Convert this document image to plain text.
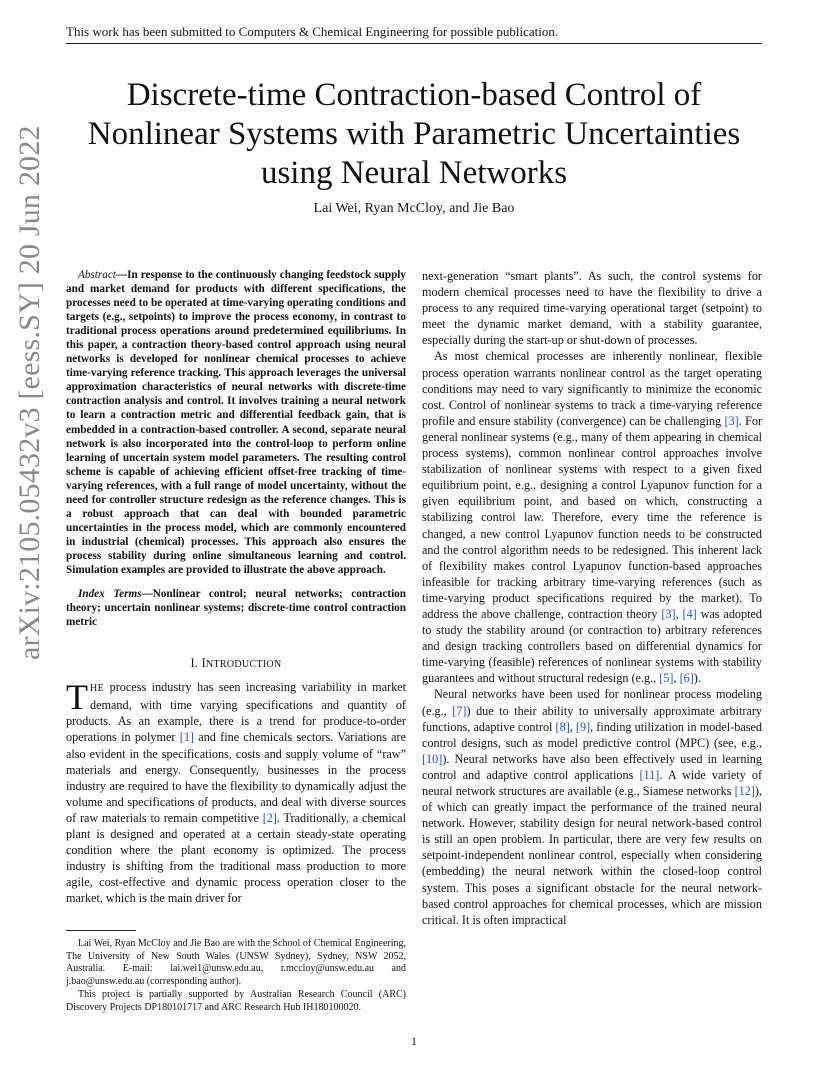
This work has been submitted to Computers & Chemical Engineering for possible publication.
arXiv:2105.05432v3 [eess.SY] 20 Jun 2022
Discrete-time Contraction-based Control of Nonlinear Systems with Parametric Uncertainties using Neural Networks
Lai Wei, Ryan McCloy, and Jie Bao

Abstract—In response to the continuously changing feedstock supply and market demand for products with different specifications, the processes need to be operated at time-varying operating conditions and targets (e.g., setpoints) to improve the process economy, in contrast to traditional process operations around predetermined equilibriums. In this paper, a contraction theory-based control approach using neural networks is developed for nonlinear chemical processes to achieve time-varying reference tracking. This approach leverages the universal approximation characteristics of neural networks with discrete-time contraction analysis and control. It involves training a neural network to learn a contraction metric and differential feedback gain, that is embedded in a contraction-based controller. A second, separate neural network is also incorporated into the control-loop to perform online learning of uncertain system model parameters. The resulting control scheme is capable of achieving efficient offset-free tracking of time-varying references, with a full range of model uncertainty, without the need for controller structure redesign as the reference changes. This is a robust approach that can deal with bounded parametric uncertainties in the process model, which are commonly encountered in industrial (chemical) processes. This approach also ensures the process stability during online simultaneous learning and control. Simulation examples are provided to illustrate the above approach.

Index Terms—Nonlinear control; neural networks; contraction theory; uncertain nonlinear systems; discrete-time control contraction metric

I. INTRODUCTION

THE process industry has seen increasing variability in market demand, with time varying specifications and quantity of products. As an example, there is a trend for produce-to-order operations in polymer [1] and fine chemicals sectors. Variations are also evident in the specifications, costs and supply volume of “raw” materials and energy. Consequently, businesses in the process industry are required to have the flexibility to dynamically adjust the volume and specifications of products, and deal with diverse sources of raw materials to remain competitive [2]. Traditionally, a chemical plant is designed and operated at a certain steady-state operating condition where the plant economy is optimized. The process industry is shifting from the traditional mass production to more agile, cost-effective and dynamic process operation closer to the market, which is the main driver for

next-generation “smart plants”. As such, the control systems for modern chemical processes need to have the flexibility to drive a process to any required time-varying operational target (setpoint) to meet the dynamic market demand, with a stability guarantee, especially during the start-up or shut-down of processes.

As most chemical processes are inherently nonlinear, flexible process operation warrants nonlinear control as the target operating conditions may need to vary significantly to minimize the economic cost. Control of nonlinear systems to track a time-varying reference profile and ensure stability (convergence) can be challenging [3]. For general nonlinear systems (e.g., many of them appearing in chemical process systems), common nonlinear control approaches involve stabilization of nonlinear systems with respect to a given fixed equilibrium point, e.g., designing a control Lyapunov function for a given equilibrium point, and based on which, constructing a stabilizing control law. Therefore, every time the reference is changed, a new control Lyapunov function needs to be constructed and the control algorithm needs to be redesigned. This inherent lack of flexibility makes control Lyapunov function-based approaches infeasible for tracking arbitrary time-varying references (such as time-varying product specifications required by the market). To address the above challenge, contraction theory [3], [4] was adopted to study the stability around (or contraction to) arbitrary references and design tracking controllers based on differential dynamics for time-varying (feasible) references of nonlinear systems with stability guarantees and without structural redesign (e.g., [5], [6]).

Neural networks have been used for nonlinear process modeling (e.g., [7]) due to their ability to universally approximate arbitrary functions, adaptive control [8], [9], finding utilization in model-based control designs, such as model predictive control (MPC) (see, e.g., [10]). Neural networks have also been effectively used in learning control and adaptive control applications [11]. A wide variety of neural network structures are available (e.g., Siamese networks [12]), of which can greatly impact the performance of the trained neural network. However, stability design for neural network-based control is still an open problem. In particular, there are very few results on setpoint-independent nonlinear control, especially when considering (embedding) the neural network within the closed-loop control system. This poses a significant obstacle for the neural network-based control approaches for chemical processes, which are mission critical. It is often impractical

Lai Wei, Ryan McCloy and Jie Bao are with the School of Chemical Engineering, The University of New South Wales (UNSW Sydney), Sydney, NSW 2052, Australia. E-mail: lai.wei1@unsw.edu.au, r.mccloy@unsw.edu.au and j.bao@unsw.edu.au (corresponding author).

This project is partially supported by Australian Research Council (ARC) Discovery Projects DP180101717 and ARC Research Hub IH180100020.

1
